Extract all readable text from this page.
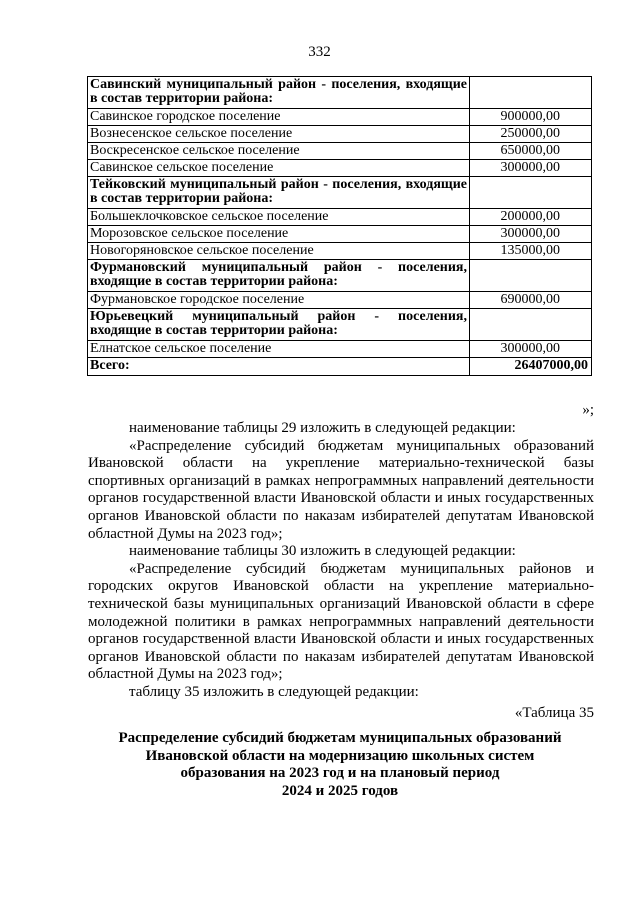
332
Савинский муниципальный район - поселения, входящие в состав территории района:	
Савинское городское поселение	900000,00
Вознесенское сельское поселение	250000,00
Воскресенское сельское поселение	650000,00
Савинское сельское поселение	300000,00
Тейковский муниципальный район - поселения, входящие в состав территории района:	
Большеклочковское сельское поселение	200000,00
Морозовское сельское поселение	300000,00
Новогоряновское сельское поселение	135000,00
Фурмановский муниципальный район - поселения, входящие в состав территории района:	
Фурмановское городское поселение	690000,00
Юрьевецкий муниципальный район - поселения, входящие в состав территории района:	
Елнатское сельское поселение	300000,00
Всего:	26407000,00
»;

наименование таблицы 29 изложить в следующей редакции:

«Распределение субсидий бюджетам муниципальных образований Ивановской области на укрепление материально-технической базы спортивных организаций в рамках непрограммных направлений деятельности органов государственной власти Ивановской области и иных государственных органов Ивановской области по наказам избирателей депутатам Ивановской областной Думы на 2023 год»;

наименование таблицы 30 изложить в следующей редакции:

«Распределение субсидий бюджетам муниципальных районов и городских округов Ивановской области на укрепление материально-технической базы муниципальных организаций Ивановской области в сфере молодежной политики в рамках непрограммных направлений деятельности органов государственной власти Ивановской области и иных государственных органов Ивановской области по наказам избирателей депутатам Ивановской областной Думы на 2023 год»;

таблицу 35 изложить в следующей редакции:

«Таблица 35

Распределение субсидий бюджетам муниципальных образований
Ивановской области на модернизацию школьных систем
образования на 2023 год и на плановый период
2024 и 2025 годов
